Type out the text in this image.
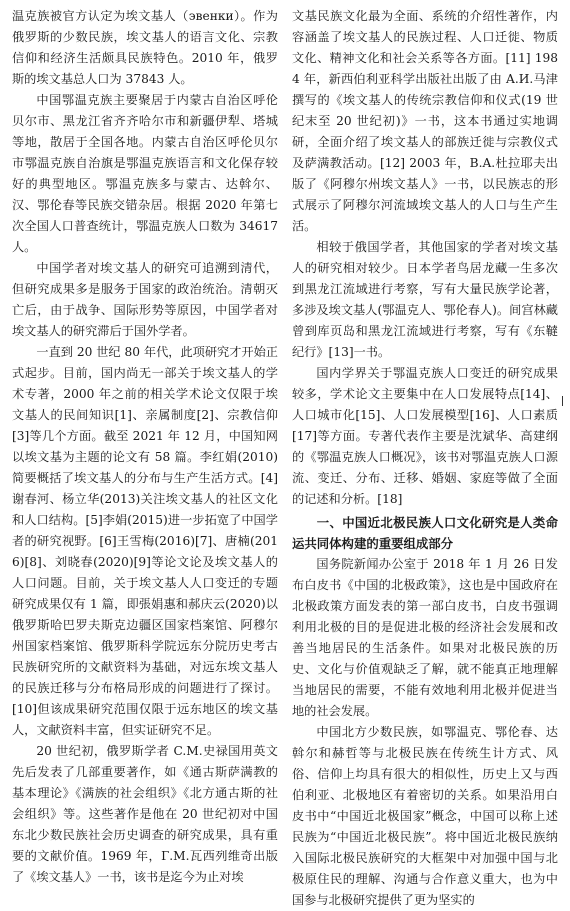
温克族被官方认定为埃文基人（эвенки）。作为俄罗斯的少数民族，埃文基人的语言文化、宗教信仰和经济生活颇具民族特色。2010 年，俄罗斯的埃文基总人口为 37843 人。

中国鄂温克族主要聚居于内蒙古自治区呼伦贝尔市、黑龙江省齐齐哈尔市和新疆伊犁、塔城等地，散居于全国各地。内蒙古自治区呼伦贝尔市鄂温克族自治旗是鄂温克族语言和文化保存较好的典型地区。鄂温克族多与蒙古、达斡尔、汉、鄂伦春等民族交错杂居。根据 2020 年第七次全国人口普查统计，鄂温克族人口数为 34617 人。

中国学者对埃文基人的研究可追溯到清代，但研究成果多是服务于国家的政治统治。清朝灭亡后，由于战争、国际形势等原因，中国学者对埃文基人的研究滞后于国外学者。

一直到 20 世纪 80 年代，此项研究才开始正式起步。目前，国内尚无一部关于埃文基人的学术专著，2000 年之前的相关学术论文仅限于埃文基人的民间知识[1]、亲属制度[2]、宗教信仰[3]等几个方面。截至 2021 年 12 月，中国知网以埃文基为主题的论文有 58 篇。李红娟(2010)简要概括了埃文基人的分布与生产生活方式。[4]谢春河、杨立华(2013)关注埃文基人的社区文化和人口结构。[5]李娟(2015)进一步拓宽了中国学者的研究视野。[6]王雪梅(2016)[7]、唐楠(2016)[8]、刘晓春(2020)[9]等论文论及埃文基人的人口问题。目前，关于埃文基人人口变迁的专题研究成果仅有 1 篇，即張娟惠和郝庆云(2020)以俄罗斯哈巴罗夫斯克边疆区国家档案馆、阿穆尔州国家档案馆、俄罗斯科学院远东分院历史考古民族研究所的文献资料为基础，对远东埃文基人的民族迁移与分布格局形成的问题进行了探讨。[10]但该成果研究范围仅限于远东地区的埃文基人，文献资料丰富，但实证研究不足。

20 世纪初，俄罗斯学者 C.M.史禄国用英文先后发表了几部重要著作，如《通古斯萨满教的基本理论》《满族的社会组织》《北方通古斯的社会组织》等。这些著作是他在 20 世纪初对中国东北少数民族社会历史调查的研究成果，具有重要的文献价值。1969 年，Г.М.瓦西列维奇出版了《埃文基人》一书，该书是迄今为止对埃

文基民族文化最为全面、系统的介绍性著作，内容涵盖了埃文基人的民族过程、人口迁徙、物质文化、精神文化和社会关系等各方面。[11] 1984 年，新西伯利亚科学出版社出版了由 A.И.马津撰写的《埃文基人的传统宗教信仰和仪式(19 世纪末至 20 世纪初)》一书，这本书通过实地调研，全面介绍了埃文基人的部族迁徙与宗教仪式及萨满教活动。[12] 2003 年，B.A.杜拉耶夫出版了《阿穆尔州埃文基人》一书，以民族志的形式展示了阿穆尔河流域埃文基人的人口与生产生活。

相较于俄国学者，其他国家的学者对埃文基人的研究相对较少。日本学者鸟居龙藏一生多次到黑龙江流域进行考察，写有大量民族学论著，多涉及埃文基人(鄂温克人、鄂伦春人)。间宫林藏曾到库页岛和黑龙江流域进行考察，写有《东韃纪行》[13]一书。

国内学界关于鄂温克族人口变迁的研究成果较多，学术论文主要集中在人口发展特点[14]、人口城市化[15]、人口发展模型[16]、人口素质[17]等方面。专著代表作主要是沈斌华、高建纲的《鄂温克族人口概况》，该书对鄂温克族人口源流、变迁、分布、迁移、婚姻、家庭等做了全面的记述和分析。[18]

一、中国近北极民族人口文化研究是人类命运共同体构建的重要组成部分

国务院新闻办公室于 2018 年 1 月 26 日发布白皮书《中国的北极政策》，这也是中国政府在北极政策方面发表的第一部白皮书，白皮书强调利用北极的目的是促进北极的经济社会发展和改善当地居民的生活条件。如果对北极民族的历史、文化与价值观缺乏了解，就不能真正地理解当地居民的需要，不能有效地利用北极并促进当地的社会发展。

中国北方少数民族，如鄂温克、鄂伦春、达斡尔和赫哲等与北极民族在传统生计方式、风俗、信仰上均具有很大的相似性，历史上又与西伯利亚、北极地区有着密切的关系。如果沿用白皮书中“中国近北极国家”概念，中国可以称上述民族为“中国近北极民族”。将中国近北极民族纳入国际北极民族研究的大框架中对加强中国与北极原住民的理解、沟通与合作意义重大，也为中国参与北极研究提供了更为坚实的
